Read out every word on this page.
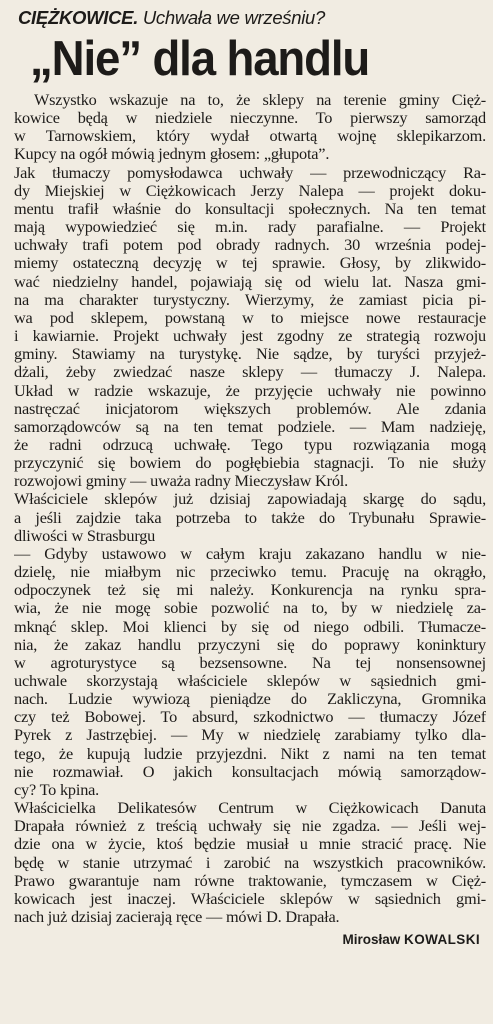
CIĘŻKOWICE. Uchwała we wrześniu?
„Nie” dla handlu
Wszystko wskazuje na to, że sklepy na terenie gminy Cięż-
kowice będą w niedziele nieczynne. To pierwszy samorząd
w Tarnowskiem, który wydał otwartą wojnę sklepikarzom.
Kupcy na ogół mówią jednym głosem: „głupota”.
Jak tłumaczy pomysłodawca uchwały — przewodniczący Ra-
dy Miejskiej w Ciężkowicach Jerzy Nalepa — projekt doku-
mentu trafił właśnie do konsultacji społecznych. Na ten temat
mają wypowiedzieć się m.in. rady parafialne. — Projekt
uchwały trafi potem pod obrady radnych. 30 września podej-
miemy ostateczną decyzję w tej sprawie. Głosy, by zlikwido-
wać niedzielny handel, pojawiają się od wielu lat. Nasza gmi-
na ma charakter turystyczny. Wierzymy, że zamiast picia pi-
wa pod sklepem, powstaną w to miejsce nowe restauracje
i kawiarnie. Projekt uchwały jest zgodny ze strategią rozwoju
gminy. Stawiamy na turystykę. Nie sądze, by turyści przyjeż-
dżali, żeby zwiedzać nasze sklepy — tłumaczy J. Nalepa.
Układ w radzie wskazuje, że przyjęcie uchwały nie powinno
nastręczać inicjatorom większych problemów. Ale zdania
samorządowców są na ten temat podziele. — Mam nadzieję,
że radni odrzucą uchwałę. Tego typu rozwiązania mogą
przyczynić się bowiem do pogłębiebia stagnacji. To nie służy
rozwojowi gminy — uważa radny Mieczysław Król.
Właściciele sklepów już dzisiaj zapowiadają skargę do sądu,
a jeśli zajdzie taka potrzeba to także do Trybunału Sprawie-
dliwości w Strasburgu
— Gdyby ustawowo w całym kraju zakazano handlu w nie-
dzielę, nie miałbym nic przeciwko temu. Pracuję na okrągło,
odpoczynek też się mi należy. Konkurencja na rynku spra-
wia, że nie mogę sobie pozwolić na to, by w niedzielę za-
mknąć sklep. Moi klienci by się od niego odbili. Tłumacze-
nia, że zakaz handlu przyczyni się do poprawy koninktury
w agroturystyce są bezsensowne. Na tej nonsensownej
uchwale skorzystają właściciele sklepów w sąsiednich gmi-
nach. Ludzie wywiozą pieniądze do Zakliczyna, Gromnika
czy też Bobowej. To absurd, szkodnictwo — tłumaczy Józef
Pyrek z Jastrzębiej. — My w niedzielę zarabiamy tylko dla-
tego, że kupują ludzie przyjezdni. Nikt z nami na ten temat
nie rozmawiał. O jakich konsultacjach mówią samorządow-
cy? To kpina.
Właścicielka Delikatesów Centrum w Ciężkowicach Danuta
Drapała również z treścią uchwały się nie zgadza. — Jeśli wej-
dzie ona w życie, ktoś będzie musiał u mnie stracić pracę. Nie
będę w stanie utrzymać i zarobić na wszystkich pracowników.
Prawo gwarantuje nam równe traktowanie, tymczasem w Cięż-
kowicach jest inaczej. Właściciele sklepów w sąsiednich gmi-
nach już dzisiaj zacierają ręce — mówi D. Drapała.
Mirosław KOWALSKI
